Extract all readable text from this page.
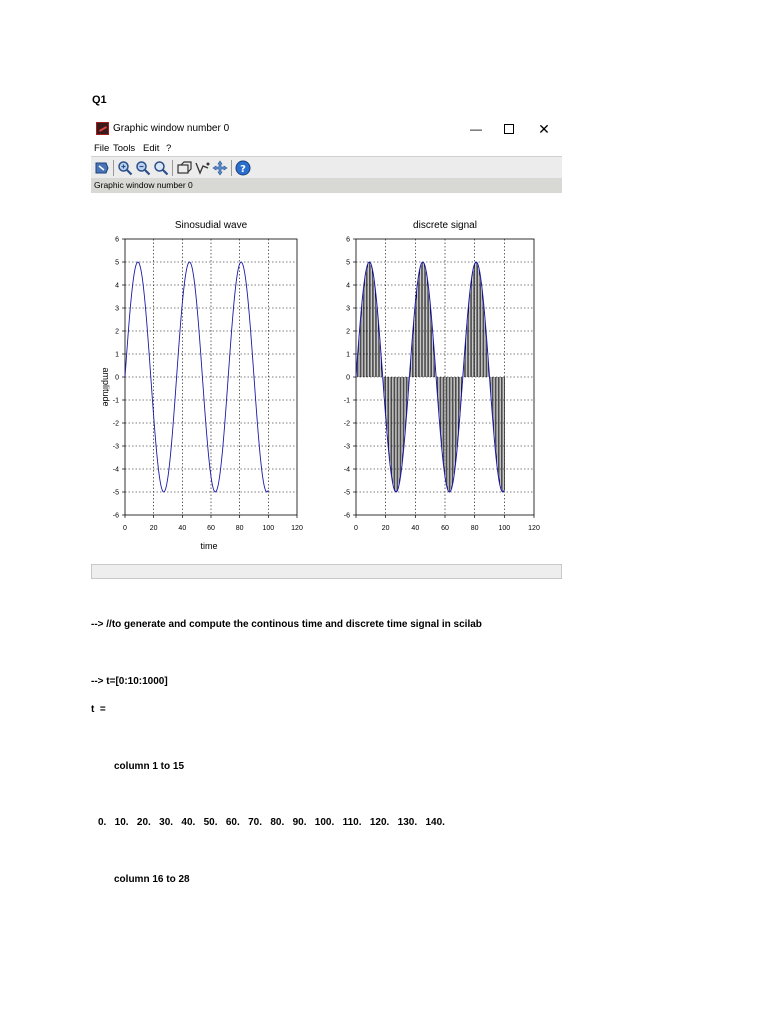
Q1
Graphic window number 0	—	✕
File Tools Edit ?
?
Graphic window number 0
Sinosudial wave
0	20	40	60	80	100 120
6
5
4
3
2
1
0
-1
-2
-3
-4
-5
-6
time
amplitude
discrete signal
0	20	40	60	80	100	120
6
5
4
3
2
1
0
-1
-2
-3
-4
-5
-6
--> //to generate and compute the continous time and discrete time signal in scilab
--> t=[0:10:1000]
t  =
column 1 to 15
0.   10.   20.   30.   40.   50.   60.   70.   80.   90.   100.   110.   120.   130.   140.
column 16 to 28
